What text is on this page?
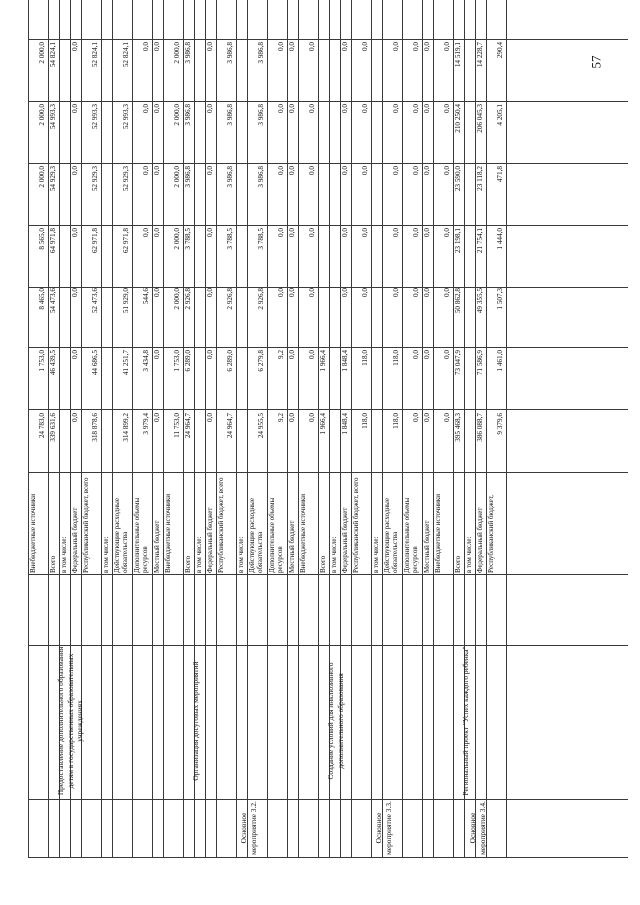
Внебюджетные источники
24 783,0
1 753,0
8 465,0
8 565,0
2 000,0
2 000,0
2 000,0
Всего
339 631,6
46 439,5
54 473,6
64 971,8
54 929,3
54 993,3
54 824,1
в том числе: Федеральный бюджет
0,0
0,0
0,0
0,0
0,0
0,0
0,0
Республиканский бюджет, всего
318 878,6
44 686,5
52 473,6
62 971,8
52 929,3
52 993,3
52 824,1
в том числе: Действующие расходные обязательства
314 899,2
41 251,7
51 929,0
62 971,8
52 929,3
52 993,3
52 824,1
Дополнительные объемы ресурсов
3 979,4
3 434,8
544,6
0,0
0,0
0,0
0,0
Местный бюджет
0,0
0,0
0,0
0,0
0,0
0,0
0,0
Внебюджетные источники
11 753,0
1 753,0
2 000,0
2 000,0
2 000,0
2 000,0
2 000,0
Предоставление дополнительного образования детям в государственных образовательных учреждениях
Всего
24 964,7
6 289,0
2 926,8
3 788,5
3 986,8
3 986,8
3 986,8
в том числе: Федеральный бюджет
0,0
0,0
0,0
0,0
0,0
0,0
0,0
Республиканский бюджет, всего
24 964,7
6 289,0
2 926,8
3 788,5
3 986,8
3 986,8
3 986,8
в том числе: Действующие расходные обязательства
24 955,5
6 279,8
2 926,8
3 788,5
3 986,8
3 986,8
3 986,8
Дополнительные объемы ресурсов
9,2
9,2
0,0
0,0
0,0
0,0
0,0
Местный бюджет
0,0
0,0
0,0
0,0
0,0
0,0
0,0
Внебюджетные источники
0,0
0,0
0,0
0,0
0,0
0,0
0,0
Основное мероприятие 3.2.
Организация досуговых мероприятий
Всего
1 966,4
1 966,4
в том числе: Федеральный бюджет
1 848,4
1 848,4
0,0
0,0
0,0
0,0
0,0
Республиканский бюджет, всего
118,0
118,0
0,0
0,0
0,0
0,0
0,0
в том числе: Действующие расходные обязательства
118,0
118,0
0,0
0,0
0,0
0,0
0,0
Дополнительные объемы ресурсов
0,0
0,0
0,0
0,0
0,0
0,0
0,0
Местный бюджет
0,0
0,0
0,0
0,0
0,0
0,0
0,0
Внебюджетные источники
0,0
0,0
0,0
0,0
0,0
0,0
0,0
Основное мероприятие 3.3.
Создание условий для инклюзивного дополнительного образования
Всего
395 468,3
73 047,9
50 862,8
23 198,1
23 590,0
210 250,4
14 519,1
в том числе: Федеральный бюджет
386 088,7
71 586,9
49 355,5
21 754,1
23 118,2
206 045,3
14 228,7
Республиканский бюджет,
9 379,6
1 461,0
1 507,3
1 444,0
471,8
4 205,1
290,4
Основное мероприятие 3.4.
Региональный проект "Успех каждого ребенка"
57
